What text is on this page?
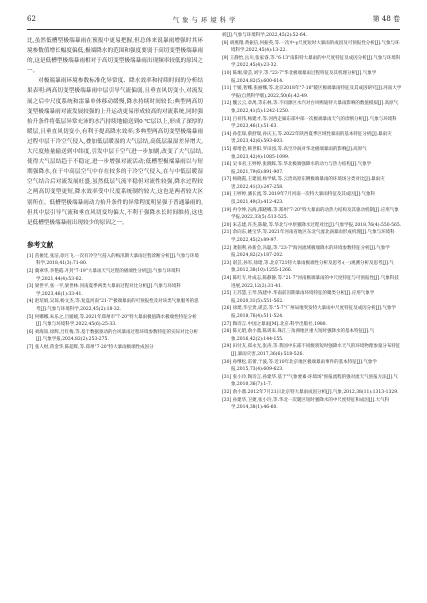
62	气 象 与 环 境 科 学	第 48 卷

比,虽然低槽型极端暴雨在预报中更易把握,但总体来说暴雨增强时其环境参数值增长幅度偏低,极端降水的范围和强度要弱于高切变型极端暴雨的,这是低槽型极端暴雨相对于高切变型极端暴雨出现频率较低的原因之一。

对极端暴雨环境参数标准化异常度、降水效率和持续时间的分析结果表明:两高切变型极端暴雨中层引导气流偏弱,且垂直风切变小,对流发展之后中尺度系统和雷暴单体移动缓慢,降水持续时间较长;典型两高切变型极端暴雨对流发展较强的上升运动更易形成较高的对流系统,同时强抬升条件将低层异常充沛的水汽持续地输送到0 ℃层以上,形成了深厚的暖层,且垂直风切变小,有利于提高降水效率;多典型两高切变型极端暴雨过程中层干冷空气侵入,叠加低层暖湿的大气层结,高低层温湿差异增大,大尺度热量输送到中纬度,引发中层干空气进一步加剧,改变了大气层结,使得大气层结趋于不稳定,进一步增强对流活动;低槽型极端暴雨以与短期强降水,在于中高层空气中存在较多的干冷空气侵入,在与中低层暖湿空气结合后对流发展旺盛,虽然低层气流平稳但对流性较强,降水过程较之两高切变型更短,降水效率受中尺度系统制约较大,这也是两者较大区别所在。低槽型极端暴雨动力抬升条件的异常程度明显强于普通暴雨的,但其中层引导气流和垂直风切变均偏大,不利于强降水长时间维持,这也是低槽型极端暴雨出现较少的原因之一。

参考文献
[1] 苗俊廷,张洁,徐月飞.一次有冷空气侵入的梅汛期大暴雨过程诊断分析[J].气象与环境科学,2018,41(3):71-80.
[2] 冀翠华,李艳霞.开封"7·19"大暴雨天气过程的极端性分析[J].气象与环境科学,2021,44(4):53-62.
[3] 梁世平,张一平,梁世林.河南夏季两类大暴雨过程对比分析[J].气象与环境科学,2023,46(1):33-41.
[4] 赵培娟,吴琼,杨文杰,等.复盘河南"21·7"极端暴雨的可预报性及对该类气象服务的思考[J].气象与环境科学,2022,45(2):18-32.
[5] 何娜娜,朱乐之,吕媛媛,等.2021年郑州市"7·20"特大暴雨极值降水极端性特征分析[J].气象与环境科学,2022,45(6):25-33.
[6] 刘海知,徐辉,吕红梅,等.基于数据驱动的台风暴雨过程环境参数特征的实际对比分析[J].气象学报,2024,82(2):253-275.
[7] 张人财,蒋金华,陈超辉,等.郑州"7·20"特大暴雨极端性成因分
析[J].气象与环境科学,2022,45(2):52-64.
[8] 胡燕翔,黄振信,何振英,等.一次中-γ尺度短时大暴雨的成因及可预报性分析[J].气象与环境科学,2022,45(4):13-22.
[9] 王静怡,岳川,张家睿,等."6·13"南阳特大暴雨的中尺度特征及成因分析[J].气象与环境科学,2022,45(4):23-32.
[10] 陈炯,梁芸,刘宇,等."23·7"华北极端暴雨过程特征及其机理分析[J].气象学报,2024,82(5):600-614.
[11] 于媛,智娜,张丽娜,等.北京2018年"7·16"暖区极端暴雨特征及其成因研究[J].河南大学学报(自然科学版),2022,50(6):42-49.
[12] 魏云云,章禺,等东林,等.不同源区水汽对台风鸭迪特大暴雨影响的数值模拟[J].高原气象,2022,41(5):1242-1250.
[13] 吕祥伟,杨建才,等.河西走廊东部中部一次极端暴雨天气的诊断分析[J].气象与环境科学,2023,46(1):51-63.
[14] 孙佳琛,蔡舒瑞,孙庆玉,等.2022年陕西夏季区域性暴雨的基本特征分析[J].暴雨灾害,2023,42(6):593-603.
[15] 郝增金,韩世阳,罗田园,等.高空冷涡对华北极端暴雨的影响[J].高原气象,2023,42(4):1085-1099.
[16] 吴书君,王婷婷,张晓晖,等.华北极端强降水的动力与热力结构[J].气象学报,2021,79(6):891-907.
[17] 杨晓霞,王建国,杨学斌,等.云贵高原东侧极端暴雨的环境场分类对比[J].暴雨灾害,2022,41(3):247-258.
[18] 王婷婷,潘长流,等.2019年7月河南一次特大暴雨特征及其成因[J].气象科技,2021,49(3):412-423.
[19] 冉令坤,冯海,邵晓娜,等.郑州"7·20"特大暴雨的动热力结构及其驱动机制[J].应用气象学报,2022,33(5):513-525.
[20] 朱志建,许杰,陈敏,等.华北与中原强降水过程对比[J].气象学报,2018,76(4):550-565.
[21] 余向东,姚宝华,等.2021年河南省地区东北气流北涡暴雨形成机理[J].气象与环境科学,2022,45(2):89-97.
[22] 龚佃利,孙新会,冯聪,等."23·7"海河流域极端降水的环境参数特征分析[J].气象学报,2024,82(2):187-202.
[23] 谌芸,孙军,徐珺,等.北京721特大暴雨极端性分析及思考:(一)观测分析及思考[J].气象,2012,38(10):1255-1266.
[24] 陈红专,叶成志,陈静静,等."21·7"河南极端暴雨的中尺度特征与可预报性[J].气象科技进展,2022,12(2):31-41.
[25] 王苏慧,王琴,钱建中.华南前汛期暴雨环境特征的聚类分析[J].应用气象学报,2020,31(5):551-562.
[26] 徐珺,毕宝贵,谌芸,等."5·7"广州局地突发特大暴雨中尺度特征及成因分析[J].气象学报,2018,76(4):511-524.
[27] 陶诗言.中国之暴雨[M].北京:科学出版社,1980.
[28] 陈元昭,俞小鼎,陈训来.珠江三角洲地区重大短时强降水的基本特征[J].气象,2016,42(2):144-155.
[29] 田付友,郑永光,张涛,等.我国中东部不同级别短时强降水天气的环境物理参量分布特征[J].暴雨灾害,2017,36(6):518-526.
[30] 孙继松,雷蕾,于波,等.近10年北京地区极端暴雨事件的基本特征[J].气象学报,2015,73(4):609-623.
[31] 张小玲,陶诗言,孙建华.基于"气象要素-环境场"预报流程的强对流天气预报方法[J].气象,2010,36(7):1-7.
[32] 俞小鼎.2012年7月21日北京特大暴雨成因分析[J].气象,2012,38(11):1313-1329.
[33] 孙建华,卫捷,张小玲,等.华北一次暖区短时强降水的中尺度特征和成因[J].大气科学,2014,38(1):46-60.
